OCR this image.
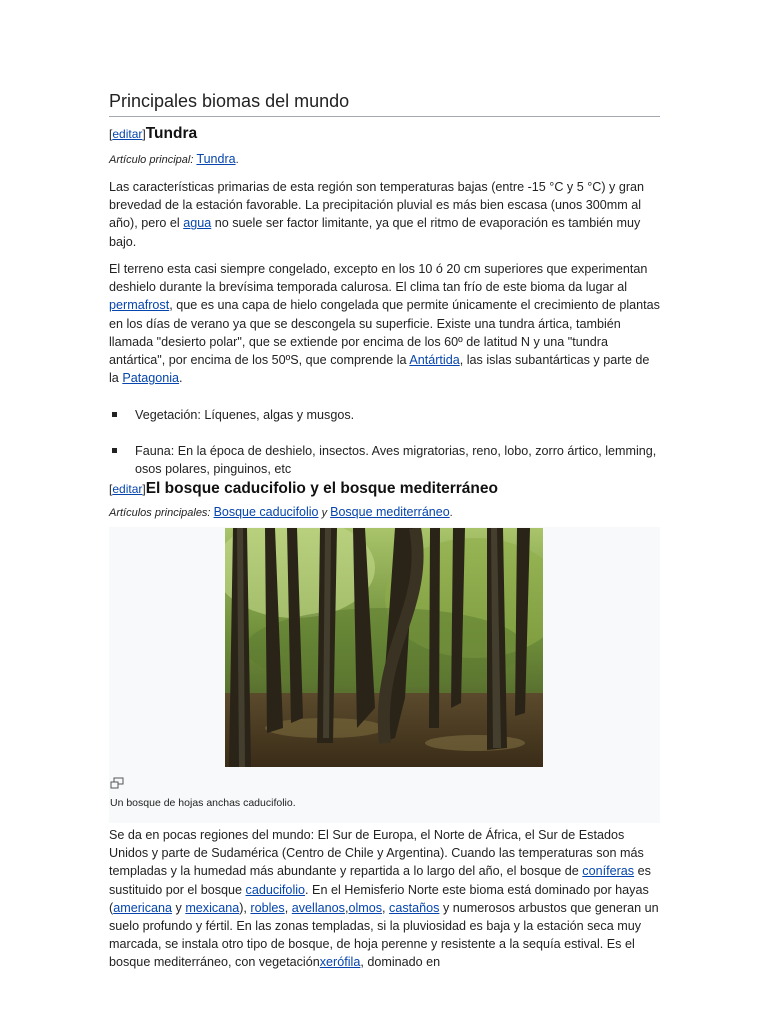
Principales biomas del mundo
[editar]Tundra
Artículo principal: Tundra.

Las características primarias de esta región son temperaturas bajas (entre -15 °C y 5 °C) y gran brevedad de la estación favorable. La precipitación pluvial es más bien escasa (unos 300mm al año), pero el agua no suele ser factor limitante, ya que el ritmo de evaporación es también muy bajo.

El terreno esta casi siempre congelado, excepto en los 10 ó 20 cm superiores que experimentan deshielo durante la brevísima temporada calurosa. El clima tan frío de este bioma da lugar al permafrost, que es una capa de hielo congelada que permite únicamente el crecimiento de plantas en los días de verano ya que se descongela su superficie. Existe una tundra ártica, también llamada "desierto polar", que se extiende por encima de los 60º de latitud N y una "tundra antártica", por encima de los 50ºS, que comprende la Antártida, las islas subantárticas y parte de la Patagonia.

Vegetación: Líquenes, algas y musgos.
Fauna: En la época de deshielo, insectos. Aves migratorias, reno, lobo, zorro ártico, lemming, osos polares, pinguinos, etc
[editar]El bosque caducifolio y el bosque mediterráneo
Artículos principales: Bosque caducifolio y Bosque mediterráneo.
Un bosque de hojas anchas caducifolio.

Se da en pocas regiones del mundo: El Sur de Europa, el Norte de África, el Sur de Estados Unidos y parte de Sudamérica (Centro de Chile y Argentina). Cuando las temperaturas son más templadas y la humedad más abundante y repartida a lo largo del año, el bosque de coníferas es sustituido por el bosque caducifolio. En el Hemisferio Norte este bioma está dominado por hayas (americana y mexicana), robles, avellanos,olmos, castaños y numerosos arbustos que generan un suelo profundo y fértil. En las zonas templadas, si la pluviosidad es baja y la estación seca muy marcada, se instala otro tipo de bosque, de hoja perenne y resistente a la sequía estival. Es el bosque mediterráneo, con vegetaciónxerófila, dominado en
